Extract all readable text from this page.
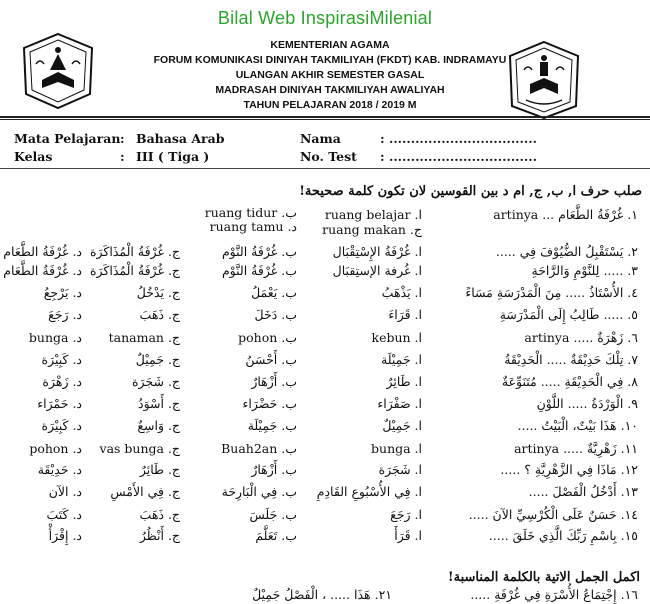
Bilal Web InspirasiMilenial
KEMENTERIAN AGAMA
FORUM KOMUNIKASI DINIYAH TAKMILIYAH (FKDT) KAB. INDRAMAYU
ULANGAN AKHIR SEMESTER GASAL
MADRASAH DINIYAH TAKMILIYAH AWALIYAH
TAHUN PELAJARAN 2018 / 2019 M
Mata Pelajaran : Bahasa Arab
Kelas	: III ( Tiga )
Nama	: ..................................
No. Test : ..................................
صلب حرف ا, ب, ج, ام د بين القوسين لان تكون كلمة صحيحة!
١. غُرْفَةُ الطَّعَام ... artinya
ا. ruang belajar
ب. ruang tidur
ج. ruang makan
د. ruang tamu
٢. يَسْتَقْبِلُ الضُّيُوْفَ فِي .....
ا. غُرْفَةُ الإِسْتِقْبَال
ب. غُرْفَةُ النَّوْم
ج. غُرْفَةُ الْمُذَاكَرَة
د. غُرْفَةُ الطَّعَام
٣. ..... لِلنَّوْمِ وَالرَّاحَةِ
ا. غُرفة الإستِقبَال
ب. غُرْفَةُ النَّوْم
ج. غُرْفَةُ الْمُذَاكَرَة
د. غُرْفَةُ الطَّعَام
٤. الأُسْتَاذُ ..... مِنَ الْمَدْرَسَةِ مَسَاءً
ا. يَذْهَبُ
ب. يَعْمَلُ
ج. يَدْخُلُ
د. يَرْجِعُ
٥. ..... طَالِبُ إِلَى الْمَدْرَسَةِ
ا. قَرَاءَ
ب. دَخَلَ
ج. ذَهَبَ
د. رَجَعَ
٦. زَهْرَةٌ ..... artinya
ا. kebun
ب. pohon
ج. tanaman
د. bunga
٧. تِلْكَ حَدِيْقَةٌ ..... الْحَدِيْقَةُ
ا. جَمِيْلَة
ب. أَحْسَنُ
ج. جَمِيْلٌ
د. كَبِيْرَة
٨. فِي الْحَدِيْقَةِ ..... مُتَنَوِّعَةٌ
ا. طَائِرٌ
ب. أَزْهَارٌ
ج. شَجَرَة
د. زَهْرَة
٩. الْوَرْدَةُ ..... اللَّوْنِ
ا. صَفْرَاء
ب. حَضْرَاء
ج. أَسْوَدُ
د. حَمْرَاء
١٠. هَذَا بَيْتٌ، الْبَيْتُ .....
ا. جَمِيْلٌ
ب. جَمِيْلَة
ج. وَاسِعٌ
د. كَبِيْرَة
١١. زَهْرِيَّةٌ ..... artinya
ا. bunga
ب. Buah2an
ج. vas bunga
د. pohon
١٢. مَاذَا فِي الزَّهْرِيَّةِ ؟ .....
ا. شَجَرَة
ب. أَزْهَارٌ
ج. طَائِرٌ
د. حَدِيْقَة
١٣. أَدْخُلُ الْفَصْلَ .....
ا. فِي الأُسْبُوعِ القَادِمِ
ب. فِي الْبَارِحَة
ج. فِي الأَمْسِ
د. الآن
١٤. حَسَنٌ عَلَى الْكُرْسِيِّ الآنَ .....
ا. رَجَعَ
ب. جَلَسَ
ج. ذَهَبَ
د. كَتَبَ
١٥. بِاسْمِ رَبِّكَ الَّذِي خَلَقَ .....
ا. قَرَأَ
ب. تَعَلَّمَ
ج. أَنْظُرُ
د. إِقْرَأْ
اكمل الجمل الاتية بالكلمة المناسبة!
١٦. إِجْتِمَاعُ الأُسْرَةِ فِي غُرْفَةِ .....
٢١. هَذَا ..... ، الْفَصْلُ جَمِيْلٌ
